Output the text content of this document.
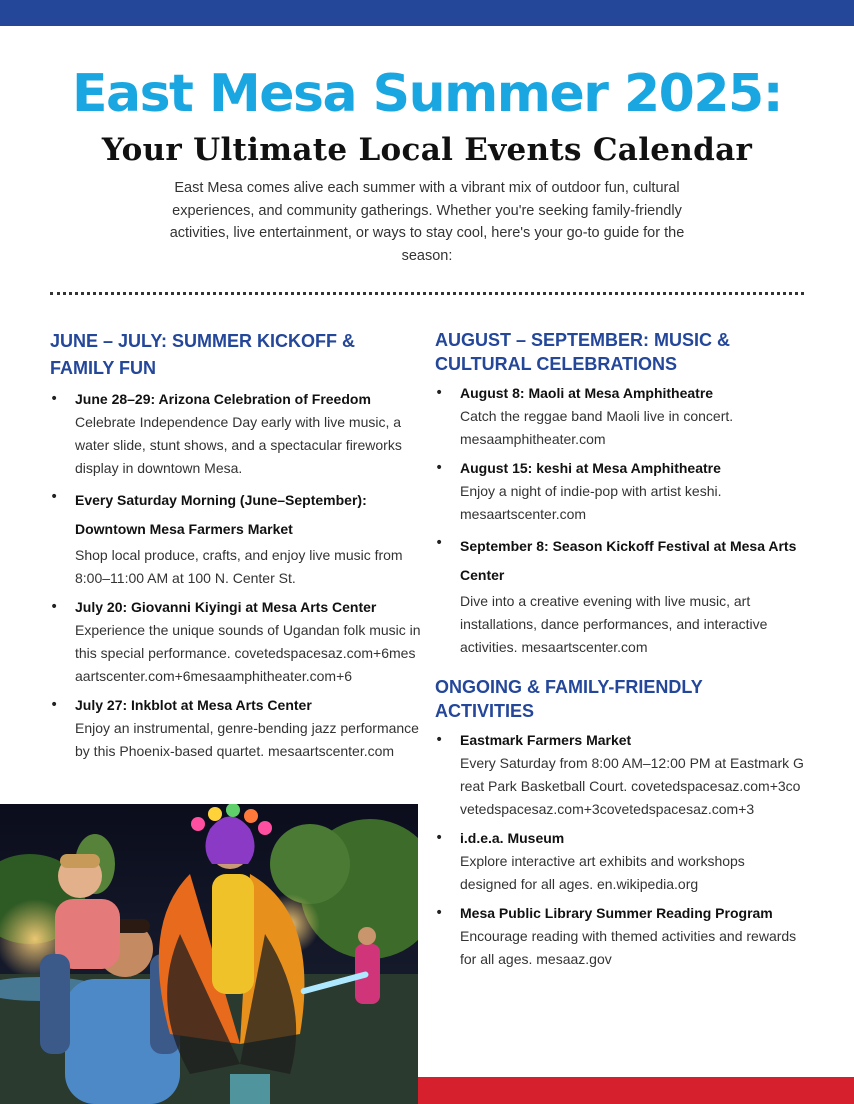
East Mesa Summer 2025:
Your Ultimate Local Events Calendar

East Mesa comes alive each summer with a vibrant mix of outdoor fun, cultural experiences, and community gatherings. Whether you're seeking family-friendly activities, live entertainment, or ways to stay cool, here's your go-to guide for the season:

JUNE – JULY: SUMMER KICKOFF & FAMILY FUN
• June 28–29: Arizona Celebration of Freedom
Celebrate Independence Day early with live music, a water slide, stunt shows, and a spectacular fireworks display in downtown Mesa.
• Every Saturday Morning (June–September): Downtown Mesa Farmers Market
Shop local produce, crafts, and enjoy live music from 8:00–11:00 AM at 100 N. Center St.
• July 20: Giovanni Kiyingi at Mesa Arts Center
Experience the unique sounds of Ugandan folk music in this special performance. covetedspacesaz.com+6mesaartscenter.com+6mesaamphitheater.com+6
• July 27: Inkblot at Mesa Arts Center
Enjoy an instrumental, genre-bending jazz performance by this Phoenix-based quartet. mesaartscenter.com
AUGUST – SEPTEMBER: MUSIC & CULTURAL CELEBRATIONS
• August 8: Maoli at Mesa Amphitheatre
Catch the reggae band Maoli live in concert. mesaamphitheater.com
• August 15: keshi at Mesa Amphitheatre
Enjoy a night of indie-pop with artist keshi. mesaartscenter.com
• September 8: Season Kickoff Festival at Mesa Arts Center
Dive into a creative evening with live music, art installations, dance performances, and interactive activities. mesaartscenter.com
ONGOING & FAMILY-FRIENDLY ACTIVITIES
• Eastmark Farmers Market
Every Saturday from 8:00 AM–12:00 PM at Eastmark Great Park Basketball Court. covetedspacesaz.com+3covetedspacesaz.com+3covetedspacesaz.com+3
• i.d.e.a. Museum
Explore interactive art exhibits and workshops designed for all ages. en.wikipedia.org
• Mesa Public Library Summer Reading Program
Encourage reading with themed activities and rewards for all ages. mesaaz.gov
